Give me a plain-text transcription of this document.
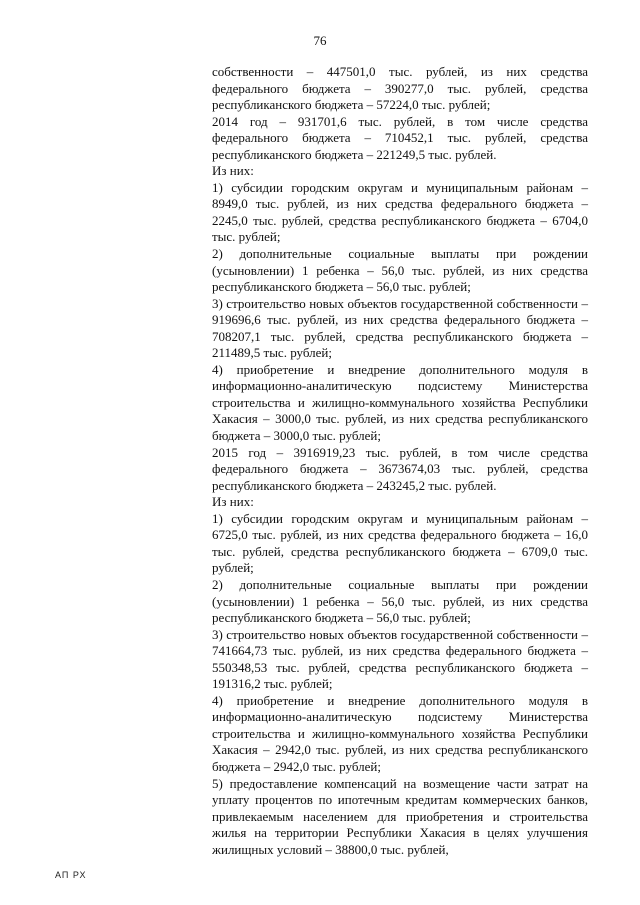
76

собственности – 447501,0 тыс. рублей, из них средства федерального бюджета – 390277,0 тыс. рублей, средства республиканского бюджета – 57224,0 тыс. рублей;

2014 год – 931701,6 тыс. рублей, в том числе средства федерального бюджета – 710452,1 тыс. рублей, средства республиканского бюджета – 221249,5 тыс. рублей.

Из них:

1) субсидии городским округам и муниципальным районам – 8949,0 тыс. рублей, из них средства федерального бюджета – 2245,0 тыс. рублей, средства республиканского бюджета – 6704,0 тыс. рублей;

2) дополнительные социальные выплаты при рождении (усыновлении) 1 ребенка – 56,0 тыс. рублей, из них средства республиканского бюджета – 56,0 тыс. рублей;

3) строительство новых объектов государственной собственности – 919696,6 тыс. рублей, из них средства федерального бюджета – 708207,1 тыс. рублей, средства республиканского бюджета – 211489,5 тыс. рублей;

4) приобретение и внедрение дополнительного модуля в информационно-аналитическую подсистему Министерства строительства и жилищно-коммунального хозяйства Республики Хакасия – 3000,0 тыс. рублей, из них средства республиканского бюджета – 3000,0 тыс. рублей;

2015 год – 3916919,23 тыс. рублей, в том числе средства федерального бюджета – 3673674,03 тыс. рублей, средства республиканского бюджета – 243245,2 тыс. рублей.

Из них:

1) субсидии городским округам и муниципальным районам – 6725,0 тыс. рублей, из них средства федерального бюджета – 16,0 тыс. рублей, средства республиканского бюджета – 6709,0 тыс. рублей;

2) дополнительные социальные выплаты при рождении (усыновлении) 1 ребенка – 56,0 тыс. рублей, из них средства республиканского бюджета – 56,0 тыс. рублей;

3) строительство новых объектов государственной собственности – 741664,73 тыс. рублей, из них средства федерального бюджета – 550348,53 тыс. рублей, средства республиканского бюджета – 191316,2 тыс. рублей;

4) приобретение и внедрение дополнительного модуля в информационно-аналитическую подсистему Министерства строительства и жилищно-коммунального хозяйства Республики Хакасия – 2942,0 тыс. рублей, из них средства республиканского бюджета – 2942,0 тыс. рублей;

5) предоставление компенсаций на возмещение части затрат на уплату процентов по ипотечным кредитам коммерческих банков, привлекаемым населением для приобретения и строительства жилья на территории Республики Хакасия в целях улучшения жилищных условий – 38800,0 тыс. рублей,

АП РХ
